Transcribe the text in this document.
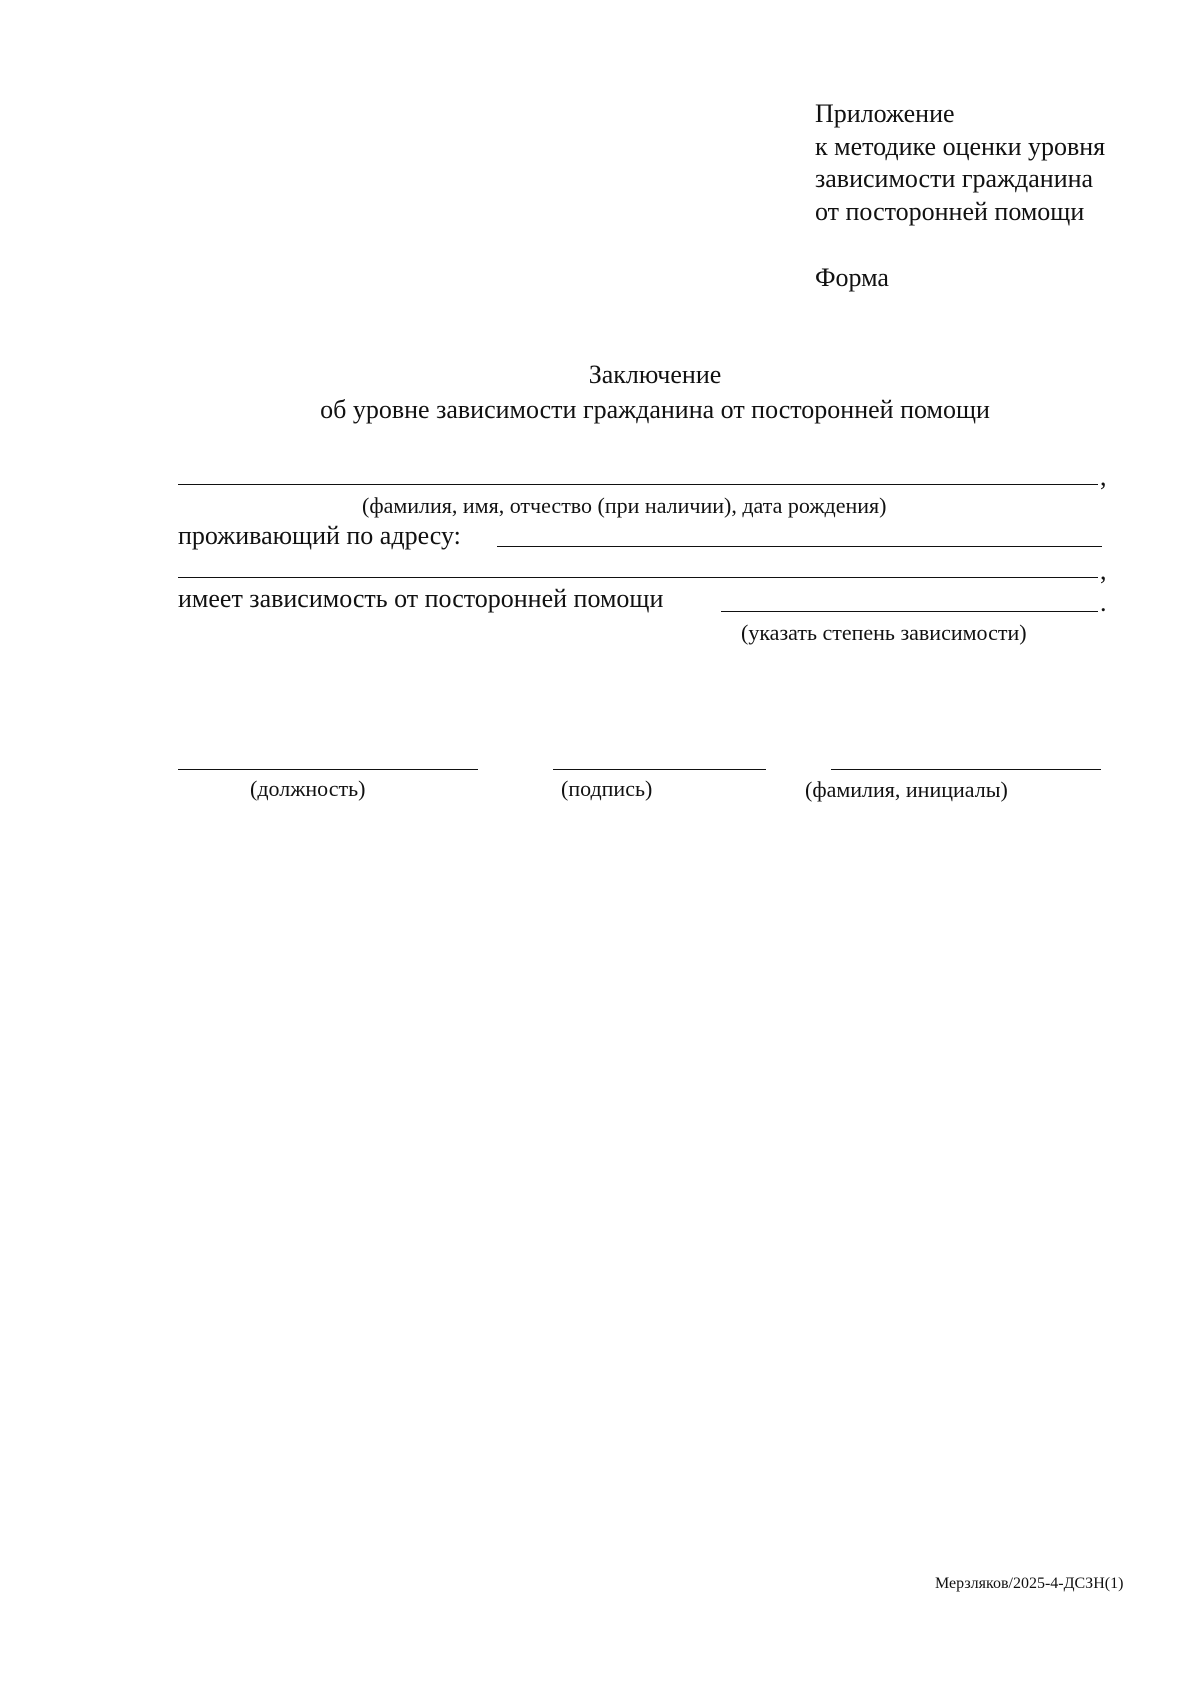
Приложение
к методике оценки уровня
зависимости гражданина
от посторонней помощи
Форма
Заключение
об уровне зависимости гражданина от посторонней помощи
,
(фамилия, имя, отчество (при наличии), дата рождения)
проживающий по адресу:
,
имеет зависимость от посторонней помощи	.
(указать степень зависимости)
(должность)	(подпись)	(фамилия, инициалы)
Мерзляков/2025-4-ДСЗН(1)
